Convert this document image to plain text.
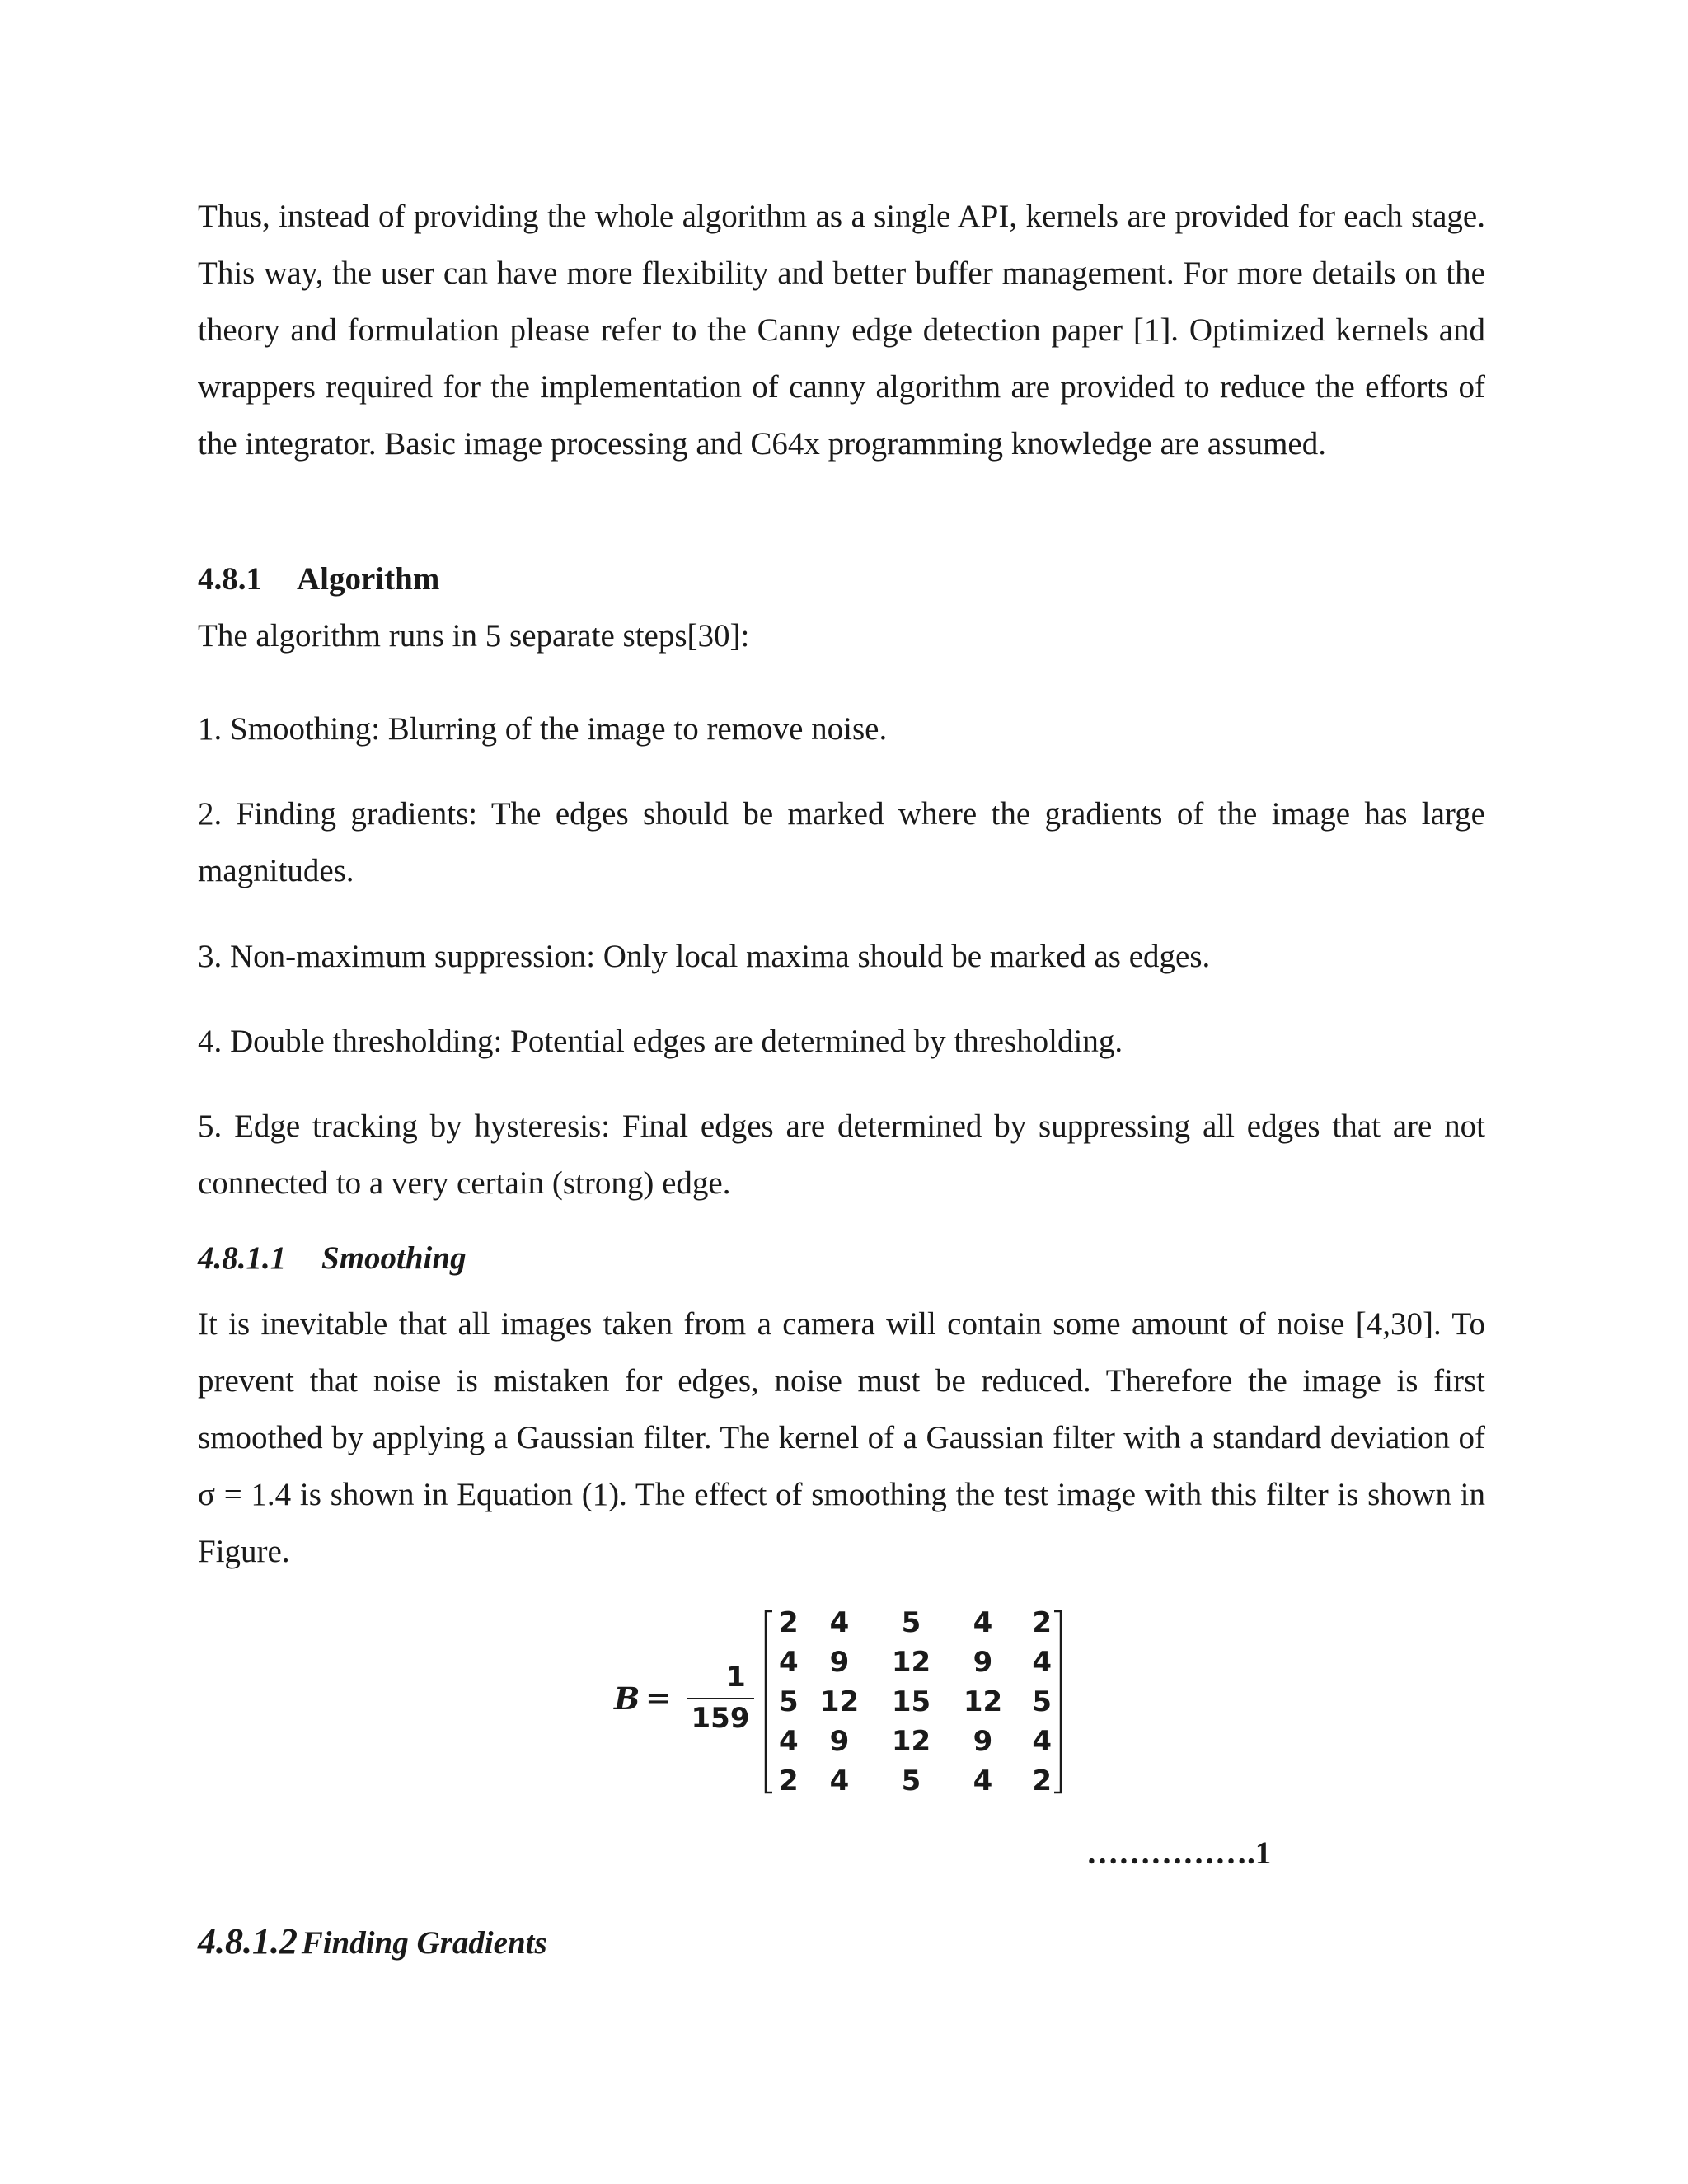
Thus, instead of providing the whole algorithm as a single API, kernels are provided for each stage. This way, the user can have more flexibility and better buffer management. For more details on the theory and formulation please refer to the Canny edge detection paper [1]. Optimized kernels and wrappers required for the implementation of canny algorithm are provided to reduce the efforts of the integrator. Basic image processing and C64x programming knowledge are assumed.

4.8.1 Algorithm

The algorithm runs in 5 separate steps[30]:

1. Smoothing: Blurring of the image to remove noise.

2. Finding gradients: The edges should be marked where the gradients of the image has large magnitudes.

3. Non-maximum suppression: Only local maxima should be marked as edges.

4. Double thresholding: Potential edges are determined by thresholding.

5. Edge tracking by hysteresis: Final edges are determined by suppressing all edges that are not connected to a very certain (strong) edge.

4.8.1.1 Smoothing

It is inevitable that all images taken from a camera will contain some amount of noise [4,30]. To prevent that noise is mistaken for edges, noise must be reduced. Therefore the image is first smoothed by applying a Gaussian filter. The kernel of a Gaussian filter with a standard deviation of σ = 1.4 is shown in Equation (1). The effect of smoothing the test image with this filter is shown in Figure.

4.8.1.2 Finding Gradients
B =
1
159
2	4	5	4	2
4	9	12	9	4
5 12	15	12	5
4	9	12	9	4
2	4	5	4	2
…………….1
